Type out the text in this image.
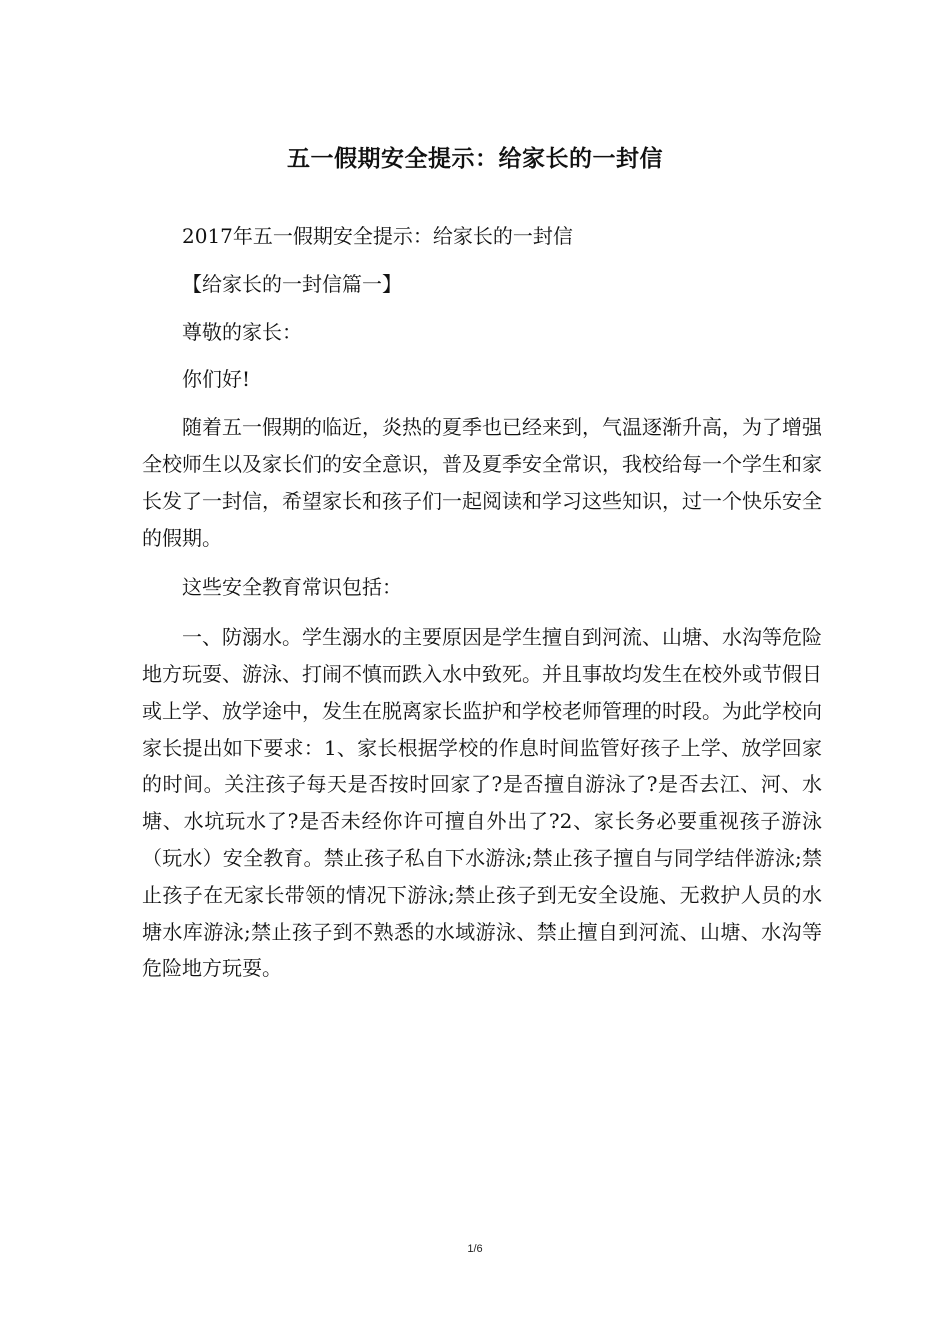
五一假期安全提示：给家长的一封信

2017年五一假期安全提示：给家长的一封信

【给家长的一封信篇一】

尊敬的家长：

你们好!

随着五一假期的临近，炎热的夏季也已经来到，气温逐渐升高，为了增强全校师生以及家长们的安全意识，普及夏季安全常识，我校给每一个学生和家长发了一封信，希望家长和孩子们一起阅读和学习这些知识，过一个快乐安全的假期。

这些安全教育常识包括：

一、防溺水。学生溺水的主要原因是学生擅自到河流、山塘、水沟等危险地方玩耍、游泳、打闹不慎而跌入水中致死。并且事故均发生在校外或节假日或上学、放学途中，发生在脱离家长监护和学校老师管理的时段。为此学校向家长提出如下要求：1、家长根据学校的作息时间监管好孩子上学、放学回家的时间。关注孩子每天是否按时回家了?是否擅自游泳了?是否去江、河、水塘、水坑玩水了?是否未经你许可擅自外出了?2、家长务必要重视孩子游泳（玩水）安全教育。禁止孩子私自下水游泳;禁止孩子擅自与同学结伴游泳;禁止孩子在无家长带领的情况下游泳;禁止孩子到无安全设施、无救护人员的水塘水库游泳;禁止孩子到不熟悉的水域游泳、禁止擅自到河流、山塘、水沟等危险地方玩耍。

1/6
